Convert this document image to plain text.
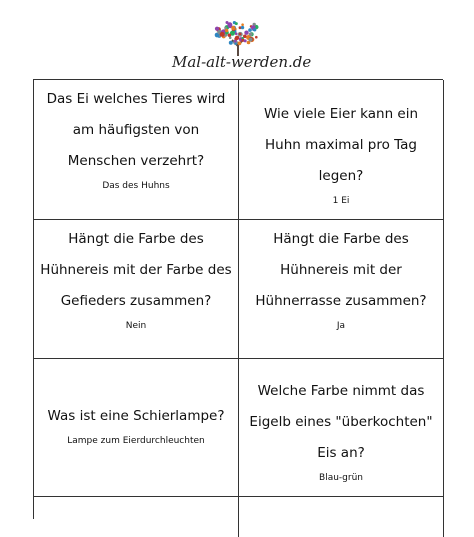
Mal-alt-werden.de
Das Ei welches Tieres wird am häufigsten von Menschen verzehrt?
Das des Huhns
Wie viele Eier kann ein Huhn maximal pro Tag legen?
1 Ei
Hängt die Farbe des Hühnereis mit der Farbe des Gefieders zusammen?
Nein
Hängt die Farbe des Hühnereis mit der Hühnerrasse zusammen?
Ja
Was ist eine Schierlampe?
Lampe zum Eierdurchleuchten
Welche Farbe nimmt das Eigelb eines "überkochten" Eis an?
Blau-grün
